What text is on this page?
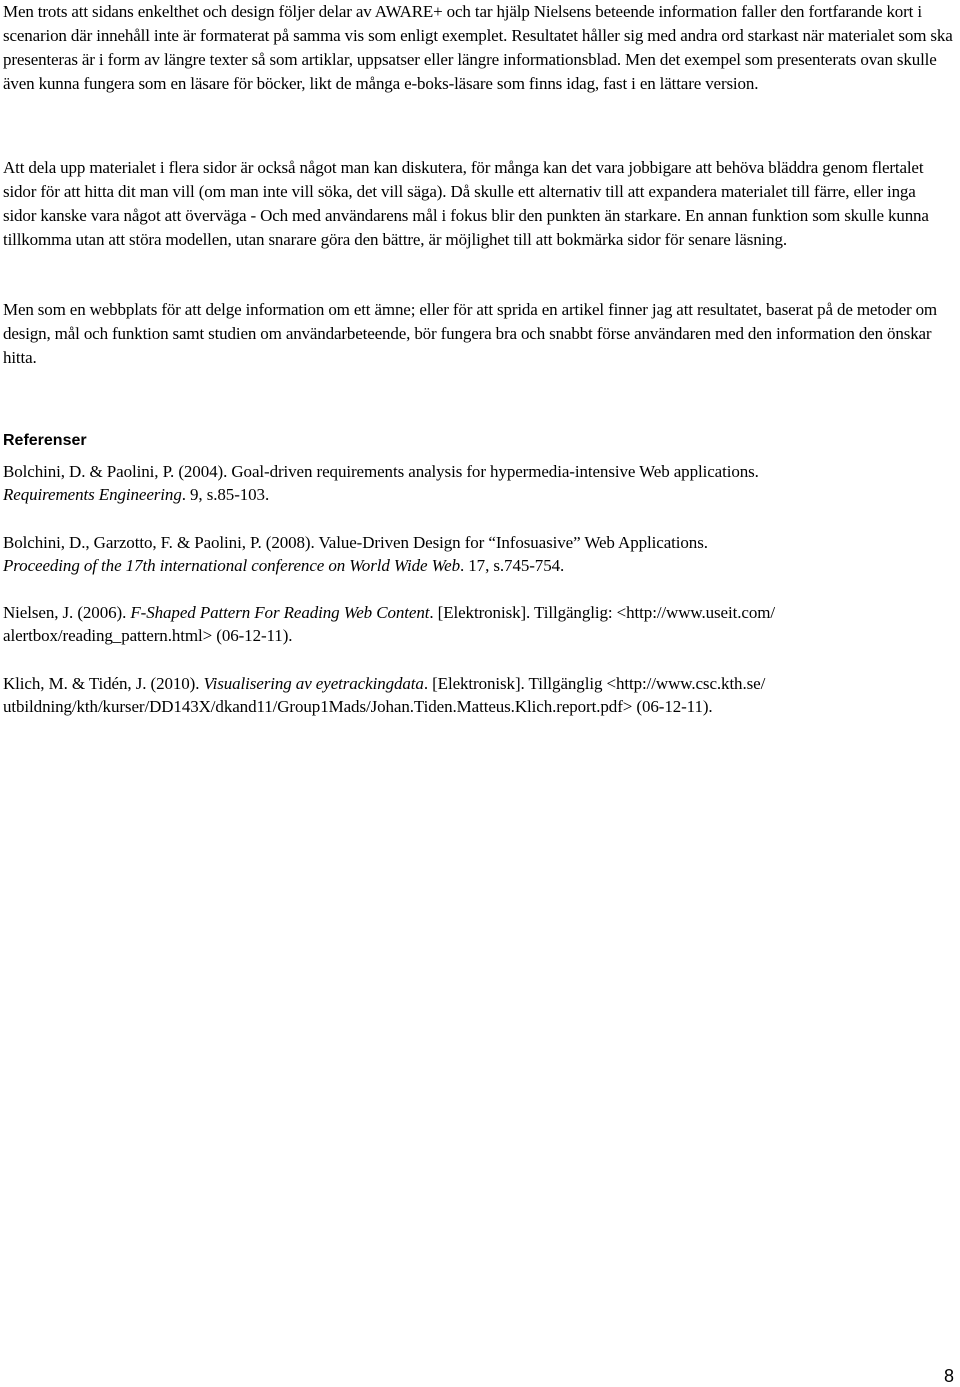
Men trots att sidans enkelthet och design följer delar av AWARE+ och tar hjälp Nielsens beteende information faller den fortfarande kort i scenarion där innehåll inte är formaterat på samma vis som enligt exemplet. Resultatet håller sig med andra ord starkast när materialet som ska presenteras är i form av längre texter så som artiklar, uppsatser eller längre informationsblad. Men det exempel som presenterats ovan skulle även kunna fungera som en läsare för böcker, likt de många e-boks-läsare som finns idag, fast i en lättare version.

Att dela upp materialet i flera sidor är också något man kan diskutera, för många kan det vara jobbigare att behöva bläddra genom flertalet sidor för att hitta dit man vill (om man inte vill söka, det vill säga). Då skulle ett alternativ till att expandera materialet till färre, eller inga sidor kanske vara något att överväga - Och med användarens mål i fokus blir den punkten än starkare. En annan funktion som skulle kunna tillkomma utan att störa modellen, utan snarare göra den bättre, är möjlighet till att bokmärka sidor för senare läsning.

Men som en webbplats för att delge information om ett ämne; eller för att sprida en artikel finner jag att resultatet, baserat på de metoder om design, mål och funktion samt studien om användarbeteende, bör fungera bra och snabbt förse användaren med den information den önskar hitta.

Referenser
Bolchini, D. & Paolini, P. (2004). Goal-driven requirements analysis for hypermedia-intensive Web applications.
Requirements Engineering. 9, s.85-103.
Bolchini, D., Garzotto, F. & Paolini, P. (2008). Value-Driven Design for “Infosuasive” Web Applications.
Proceeding of the 17th international conference on World Wide Web. 17, s.745-754.
Nielsen, J. (2006). F-Shaped Pattern For Reading Web Content. [Elektronisk]. Tillgänglig: <http://www.useit.com/
alertbox/reading_pattern.html> (06-12-11).
Klich, M. & Tidén, J. (2010). Visualisering av eyetrackingdata. [Elektronisk]. Tillgänglig <http://www.csc.kth.se/
utbildning/kth/kurser/DD143X/dkand11/Group1Mads/Johan.Tiden.Matteus.Klich.report.pdf> (06-12-11).
8
